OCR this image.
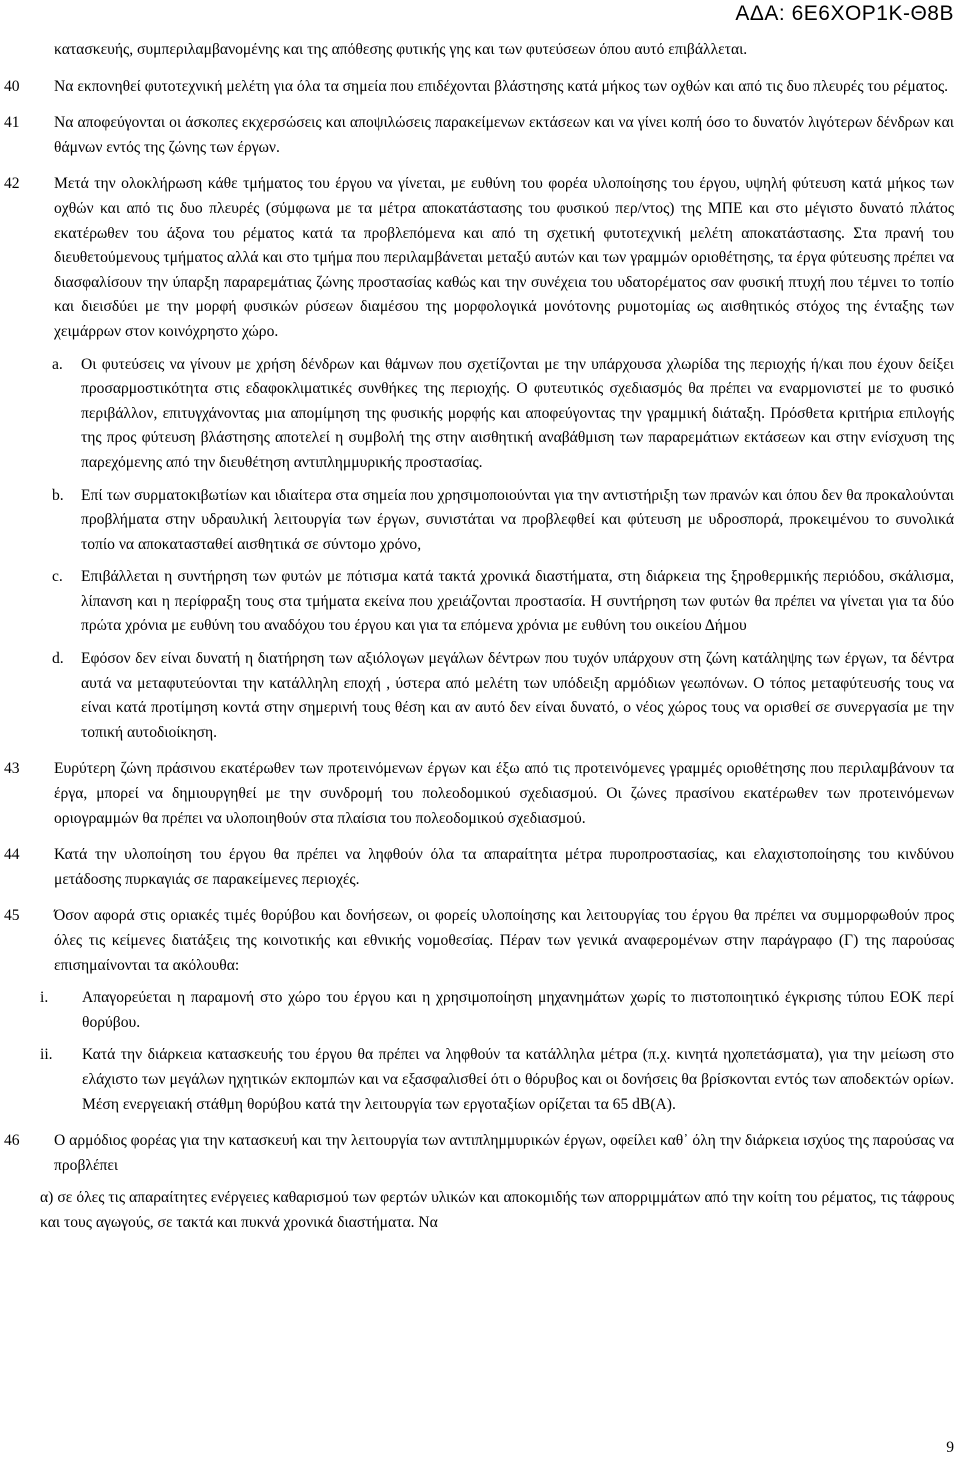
ΑΔΑ: 6Ε6ΧΟΡ1Κ-Θ8Β

κατασκευής, συμπεριλαμβανομένης και της απόθεσης φυτικής γης και των φυτεύσεων όπου αυτό επιβάλλεται.

40 Να εκπονηθεί φυτοτεχνική μελέτη για όλα τα σημεία που επιδέχονται βλάστησης κατά μήκος των οχθών και από τις δυο πλευρές του ρέματος.

41 Να αποφεύγονται οι άσκοπες εκχερσώσεις και αποψιλώσεις παρακείμενων εκτάσεων και να γίνει κοπή όσο το δυνατόν λιγότερων δένδρων και θάμνων εντός της ζώνης των έργων.

42 Μετά την ολοκλήρωση κάθε τμήματος του έργου να γίνεται, με ευθύνη του φορέα υλοποίησης του έργου, υψηλή φύτευση κατά μήκος των οχθών και από τις δυο πλευρές (σύμφωνα με τα μέτρα αποκατάστασης του φυσικού περ/ντος) της ΜΠΕ και στο μέγιστο δυνατό πλάτος εκατέρωθεν του άξονα του ρέματος κατά τα προβλεπόμενα και από τη σχετική φυτοτεχνική μελέτη αποκατάστασης. Στα πρανή του διευθετούμενους τμήματος αλλά και στο τμήμα που περιλαμβάνεται μεταξύ αυτών και των γραμμών οριοθέτησης, τα έργα φύτευσης πρέπει να διασφαλίσουν την ύπαρξη παραρεμάτιας ζώνης προστασίας καθώς και την συνέχεια του υδατορέματος σαν φυσική πτυχή που τέμνει το τοπίο και διεισδύει με την μορφή φυσικών ρύσεων διαμέσου της μορφολογικά μονότονης ρυμοτομίας ως αισθητικός στόχος της ένταξης των χειμάρρων στον κοινόχρηστο χώρο.

a. Οι φυτεύσεις να γίνουν με χρήση δένδρων και θάμνων που σχετίζονται με την υπάρχουσα χλωρίδα της περιοχής ή/και που έχουν δείξει προσαρμοστικότητα στις εδαφοκλιματικές συνθήκες της περιοχής. Ο φυτευτικός σχεδιασμός θα πρέπει να εναρμονιστεί με το φυσικό περιβάλλον, επιτυγχάνοντας μια απομίμηση της φυσικής μορφής και αποφεύγοντας την γραμμική διάταξη. Πρόσθετα κριτήρια επιλογής της προς φύτευση βλάστησης αποτελεί η συμβολή της στην αισθητική αναβάθμιση των παραρεμάτιων εκτάσεων και στην ενίσχυση της παρεχόμενης από την διευθέτηση αντιπλημμυρικής προστασίας.

b. Επί των συρματοκιβωτίων και ιδιαίτερα στα σημεία που χρησιμοποιούνται για την αντιστήριξη των πρανών και όπου δεν θα προκαλούνται προβλήματα στην υδραυλική λειτουργία των έργων, συνιστάται να προβλεφθεί και φύτευση με υδροσπορά, προκειμένου το συνολικά τοπίο να αποκατασταθεί αισθητικά σε σύντομο χρόνο,

c. Επιβάλλεται η συντήρηση των φυτών με πότισμα κατά τακτά χρονικά διαστήματα, στη διάρκεια της ξηροθερμικής περιόδου, σκάλισμα, λίπανση και η περίφραξη τους στα τμήματα εκείνα που χρειάζονται προστασία. Η συντήρηση των φυτών θα πρέπει να γίνεται για τα δύο πρώτα χρόνια με ευθύνη του αναδόχου του έργου και για τα επόμενα χρόνια με ευθύνη του οικείου Δήμου

d. Εφόσον δεν είναι δυνατή η διατήρηση των αξιόλογων μεγάλων δέντρων που τυχόν υπάρχουν στη ζώνη κατάληψης των έργων, τα δέντρα αυτά να μεταφυτεύονται την κατάλληλη εποχή , ύστερα από μελέτη των υπόδειξη αρμόδιων γεωπόνων. Ο τόπος μεταφύτευσής τους να είναι κατά προτίμηση κοντά στην σημερινή τους θέση και αν αυτό δεν είναι δυνατό, ο νέος χώρος τους να ορισθεί σε συνεργασία με την τοπική αυτοδιοίκηση.

43 Ευρύτερη ζώνη πράσινου εκατέρωθεν των προτεινόμενων έργων και έξω από τις προτεινόμενες γραμμές οριοθέτησης που περιλαμβάνουν τα έργα, μπορεί να δημιουργηθεί με την συνδρομή του πολεοδομικού σχεδιασμού. Οι ζώνες πρασίνου εκατέρωθεν των προτεινόμενων οριογραμμών θα πρέπει να υλοποιηθούν στα πλαίσια του πολεοδομικού σχεδιασμού.

44 Κατά την υλοποίηση του έργου θα πρέπει να ληφθούν όλα τα απαραίτητα μέτρα πυροπροστασίας, και ελαχιστοποίησης του κινδύνου μετάδοσης πυρκαγιάς σε παρακείμενες περιοχές.

45 Όσον αφορά στις οριακές τιμές θορύβου και δονήσεων, οι φορείς υλοποίησης και λειτουργίας του έργου θα πρέπει να συμμορφωθούν προς όλες τις κείμενες διατάξεις της κοινοτικής και εθνικής νομοθεσίας. Πέραν των γενικά αναφερομένων στην παράγραφο (Γ) της παρούσας επισημαίνονται τα ακόλουθα:

i. Απαγορεύεται η παραμονή στο χώρο του έργου και η χρησιμοποίηση μηχανημάτων χωρίς το πιστοποιητικό έγκρισης τύπου ΕΟΚ περί θορύβου.

ii. Κατά την διάρκεια κατασκευής του έργου θα πρέπει να ληφθούν τα κατάλληλα μέτρα (π.χ. κινητά ηχοπετάσματα), για την μείωση στο ελάχιστο των μεγάλων ηχητικών εκπομπών και να εξασφαλισθεί ότι ο θόρυβος και οι δονήσεις θα βρίσκονται εντός των αποδεκτών ορίων. Μέση ενεργειακή στάθμη θορύβου κατά την λειτουργία των εργοταξίων ορίζεται τα 65 dB(A).

46 Ο αρμόδιος φορέας για την κατασκευή και την λειτουργία των αντιπλημμυρικών έργων, οφείλει καθ᾽ όλη την διάρκεια ισχύος της παρούσας να προβλέπει

α) σε όλες τις απαραίτητες ενέργειες καθαρισμού των φερτών υλικών και αποκομιδής των απορριμμάτων από την κοίτη του ρέματος, τις τάφρους και τους αγωγούς, σε τακτά και πυκνά χρονικά διαστήματα. Να

9
